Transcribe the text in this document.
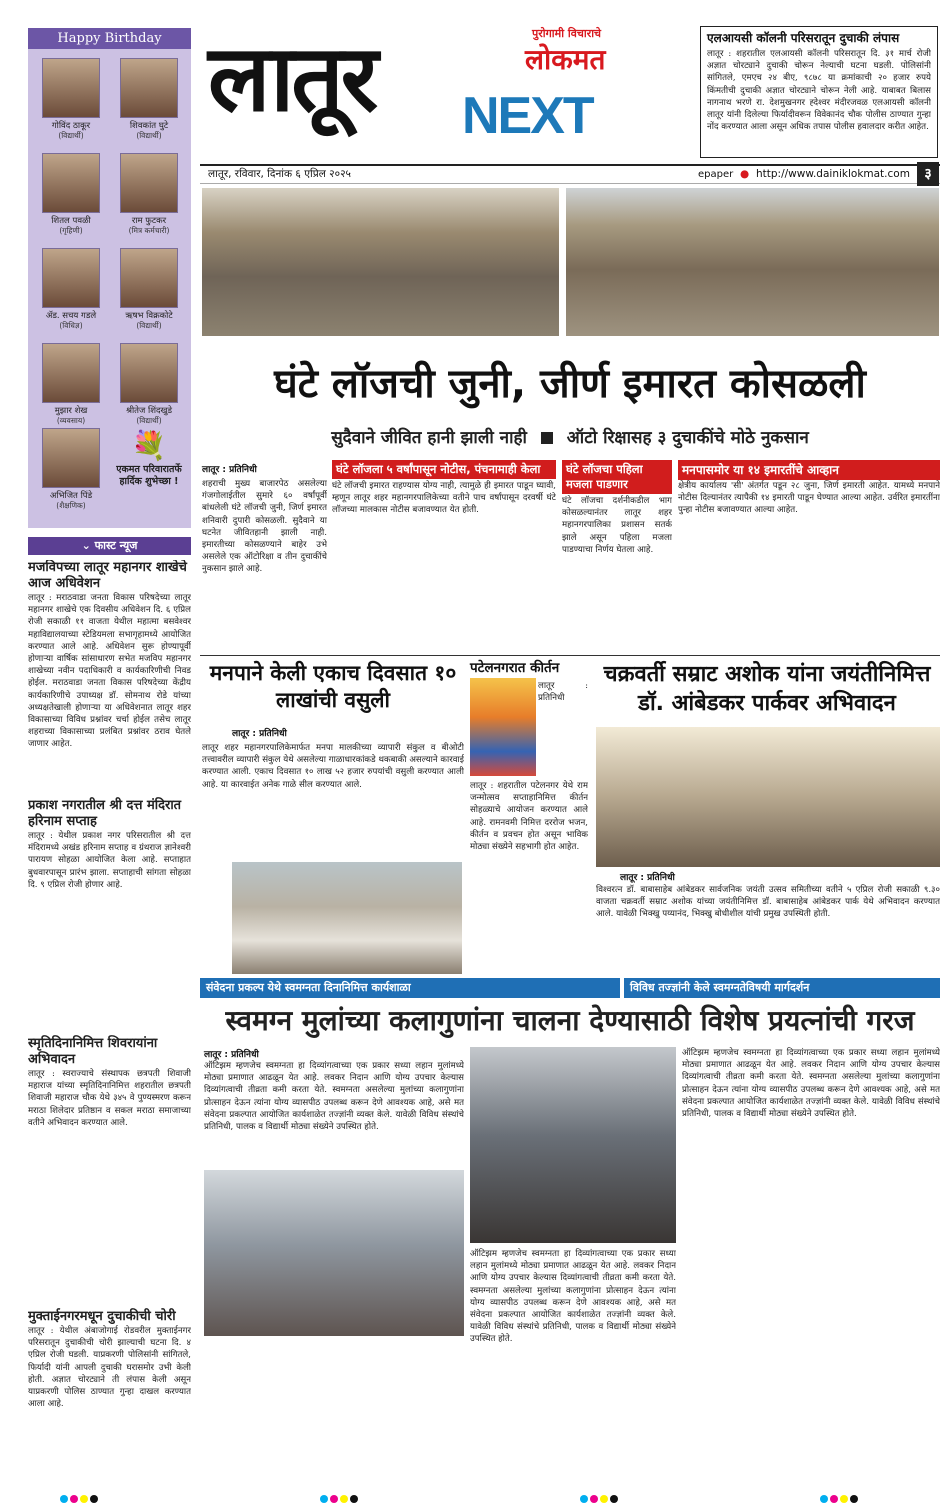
Happy Birthday
गोविंद ठाकूर
(विद्यार्थी)
शिवकांत घुटे
(विद्यार्थी)
शितल पवळी
(गृहिणी)
राम फुटकर
(मित्र कर्मचारी)
ॲड. सचय गडले
(विधिज्ञ)
ऋषभ विक्रकोटे
(विद्यार्थी)
मुझार शेख
(व्यवसाय)
श्रीतेज शिंदखुडे
(विद्यार्थी)
अभिजित पिंडे
(शैक्षणिक)
💐
एकमत परिवारातर्फे हार्दिक शुभेच्छा !
⌄ फास्ट न्यूज
मजविपच्या लातूर महानगर शाखेचे आज अधिवेशन
लातूर : मराठवाडा जनता विकास परिषदेच्या लातूर महानगर शाखेचे एक दिवसीय अधिवेशन दि. ६ एप्रिल रोजी सकाळी ११ वाजता येथील महात्मा बसवेश्वर महाविद्यालयाच्या स्टेडियमला सभागृहामध्ये आयोजित करण्यात आले आहे. अधिवेशन सुरू होण्यापूर्वी होणाऱ्या वार्षिक सांसाधारण सभेत मजविप महानगर शाखेच्या नवीन पदाधिकारी व कार्यकारिणीची निवड होईल. मराठवाडा जनता विकास परिषदेच्या केंद्रीय कार्यकारिणीचे उपाध्यक्ष डॉ. सोमनाथ रोडे यांच्या अध्यक्षतेखाली होणाऱ्या या अधिवेशनात लातूर शहर विकासाच्या विविध प्रश्नांवर चर्चा होईल तसेच लातूर शहराच्या विकासाच्या प्रलंबित प्रश्नांवर ठराव घेतले जाणार आहेत.
प्रकाश नगरातील श्री दत्त मंदिरात हरिनाम सप्ताह
लातूर : येथील प्रकाश नगर परिसरातील श्री दत्त मंदिरामध्ये अखंड हरिनाम सप्ताह व ग्रंथराज ज्ञानेश्वरी पारायण सोहळा आयोजित केला आहे. सप्ताहात बुधवारपासून प्रारंभ झाला. सप्ताहाची सांगता सोहळा दि. ९ एप्रिल रोजी होणार आहे.
स्मृतिदिनानिमित्त शिवरायांना अभिवादन
लातूर : स्वराज्याचे संस्थापक छत्रपती शिवाजी महाराज यांच्या स्मृतिदिनानिमित्त शहरातील छत्रपती शिवाजी महाराज चौक येथे ३४५ वे पुण्यस्मरण करून मराठा शिलेदार प्रतिष्ठान व सकल मराठा समाजाच्या वतीने अभिवादन करण्यात आले.
मुक्ताईनगरमधून दुचाकीची चोरी
लातूर : येथील अंबाजोगाई रोडवरील मुक्ताईनगर परिसरातून दुचाकीची चोरी झाल्याची घटना दि. ४ एप्रिल रोजी घडली. याप्रकरणी पोलिसांनी सांगितले, फिर्यादी यांनी आपली दुचाकी घरासमोर उभी केली होती. अज्ञात चोरट्याने ती लंपास केली असून याप्रकरणी पोलिस ठाण्यात गुन्हा दाखल करण्यात आला आहे.
लातूर NEXT
पुरोगामी विचाराचे
लोकमत
एलआयसी कॉलनी परिसरातून दुचाकी लंपास
लातूर : शहरातील एलआयसी कॉलनी परिसरातून दि. ३१ मार्च रोजी अज्ञात चोरट्याने दुचाकी चोरून नेल्याची घटना घडली. पोलिसांनी सांगितले, एमएच २४ बीए, ९८७८ या क्रमांकाची २० हजार रुपये किंमतीची दुचाकी अज्ञात चोरट्याने चोरून नेली आहे. याबाबत बिलास नागनाथ भरणे रा. देशमुखनगर ह्देश्वर मंदीरजवळ एलआयसी कॉलनी लातूर यांनी दिलेल्या फिर्यादीवरून विवेकानंद चौक पोलीस ठाण्यात गुन्हा नोंद करण्यात आला असून अधिक तपास पोलीस हवालदार करीत आहेत.
लातूर, रविवार, दिनांक ६ एप्रिल २०२५	epaper ● http://www.dainiklokmat.com	३
घंटे लॉजची जुनी, जीर्ण इमारत कोसळली
सुदैवाने जीवित हानी झाली नाही ऑटो रिक्षासह ३ दुचाकींचे मोठे नुकसान
लातूर : प्रतिनिधी
शहराची मुख्य बाजारपेठ असलेल्या गंजगोलाईतील सुमारे ६० वर्षांपूर्वी बांधलेली घंटे लॉजची जुनी, जिर्ण इमारत शनिवारी दुपारी कोसळली. सुदैवाने या घटनेत जीवितहानी झाली नाही. इमारतीच्या कोसळण्याने बाहेर उभे असलेले एक ऑटोरिक्षा व तीन दुचाकींचे नुकसान झाले आहे.
घंटे लॉजला ५ वर्षांपासून नोटीस, पंचनामाही केला
घंटे लॉजची इमारत राहण्यास योग्य नाही, त्यामुळे ही इमारत पाडून घ्यावी, म्हणून लातूर शहर महानगरपालिकेच्या वतीने पाच वर्षांपासून दरवर्षी घंटे लॉजच्या मालकास नोटीस बजावण्यात येत होती.
घंटे लॉजचा पहिला मजला पाडणार
घंटे लॉजचा दर्शनीकडील भाग कोसळल्यानंतर लातूर शहर महानगरपालिका प्रशासन सतर्क झाले असून पहिला मजला पाडण्याचा निर्णय घेतला आहे.
मनपासमोर या १४ इमारतींचे आव्हान
क्षेत्रीय कार्यालय 'सी' अंतर्गत पडून २८ जुना, जिर्ण इमारती आहेत. यामध्ये मनपाने नोटीस दिल्यानंतर त्यापैकी १४ इमारती पाडून घेण्यात आल्या आहेत. उर्वरित इमारतींना पुन्हा नोटीस बजावण्यात आल्या आहेत.
मनपाने केली एकाच दिवसात १० लाखांची वसुली
लातूर : प्रतिनिधी
लातूर शहर महानगरपालिकेमार्फत मनपा मालकीच्या व्यापारी संकुल व बीओटी तत्त्वावरील व्यापारी संकुल येथे असलेल्या गाळाधारकांकडे थकबाकी असल्याने कारवाई करण्यात आली. एकाच दिवसात १० लाख ५२ हजार रुपयांची वसुली करण्यात आली आहे. या कारवाईत अनेक गाळे सील करण्यात आले.
पटेलनगरात कीर्तन
लातूर : प्रतिनिधी
लातूर : शहरातील पटेलनगर येथे राम जन्मोत्सव सप्ताहानिमित्त कीर्तन सोहळ्याचे आयोजन करण्यात आले आहे. रामनवमी निमित्त दररोज भजन, कीर्तन व प्रवचन होत असून भाविक मोठ्या संख्येने सहभागी होत आहेत.
चक्रवर्ती सम्राट अशोक यांना जयंतीनिमित्त डॉ. आंबेडकर पार्कवर अभिवादन
लातूर : प्रतिनिधी
विश्वरत्न डॉ. बाबासाहेब आंबेडकर सार्वजनिक जयंती उत्सव समितीच्या वतीने ५ एप्रिल रोजी सकाळी ९.३० वाजता चक्रवर्ती सम्राट अशोक यांच्या जयंतीनिमित्त डॉ. बाबासाहेब आंबेडकर पार्क येथे अभिवादन करण्यात आले. यावेळी भिक्खु पय्यानंद, भिक्खु बोधीशील यांची प्रमुख उपस्थिती होती.
संवेदना प्रकल्प येथे स्वमग्नता दिनानिमित्त कार्यशाळा	विविध तज्ज्ञांनी केले स्वमग्नतेविषयी मार्गदर्शन
स्वमग्न मुलांच्या कलागुणांना चालना देण्यासाठी विशेष प्रयत्नांची गरज
लातूर : प्रतिनिधी
ऑटिझम म्हणजेच स्वमग्नता हा दिव्यांगत्वाच्या एक प्रकार सध्या लहान मुलांमध्ये मोठ्या प्रमाणात आढळून येत आहे. लवकर निदान आणि योग्य उपचार केल्यास दिव्यांगत्वाची तीव्रता कमी करता येते. स्वमग्नता असलेल्या मुलांच्या कलागुणांना प्रोत्साहन देऊन त्यांना योग्य व्यासपीठ उपलब्ध करून देणे आवश्यक आहे, असे मत संवेदना प्रकल्पात आयोजित कार्यशाळेत तज्ज्ञांनी व्यक्त केले. यावेळी विविध संस्थांचे प्रतिनिधी, पालक व विद्यार्थी मोठ्या संख्येने उपस्थित होते.
ऑटिझम म्हणजेच स्वमग्नता हा दिव्यांगत्वाच्या एक प्रकार सध्या लहान मुलांमध्ये मोठ्या प्रमाणात आढळून येत आहे. लवकर निदान आणि योग्य उपचार केल्यास दिव्यांगत्वाची तीव्रता कमी करता येते. स्वमग्नता असलेल्या मुलांच्या कलागुणांना प्रोत्साहन देऊन त्यांना योग्य व्यासपीठ उपलब्ध करून देणे आवश्यक आहे, असे मत संवेदना प्रकल्पात आयोजित कार्यशाळेत तज्ज्ञांनी व्यक्त केले. यावेळी विविध संस्थांचे प्रतिनिधी, पालक व विद्यार्थी मोठ्या संख्येने उपस्थित होते.
ऑटिझम म्हणजेच स्वमग्नता हा दिव्यांगत्वाच्या एक प्रकार सध्या लहान मुलांमध्ये मोठ्या प्रमाणात आढळून येत आहे. लवकर निदान आणि योग्य उपचार केल्यास दिव्यांगत्वाची तीव्रता कमी करता येते. स्वमग्नता असलेल्या मुलांच्या कलागुणांना प्रोत्साहन देऊन त्यांना योग्य व्यासपीठ उपलब्ध करून देणे आवश्यक आहे, असे मत संवेदना प्रकल्पात आयोजित कार्यशाळेत तज्ज्ञांनी व्यक्त केले. यावेळी विविध संस्थांचे प्रतिनिधी, पालक व विद्यार्थी मोठ्या संख्येने उपस्थित होते.
